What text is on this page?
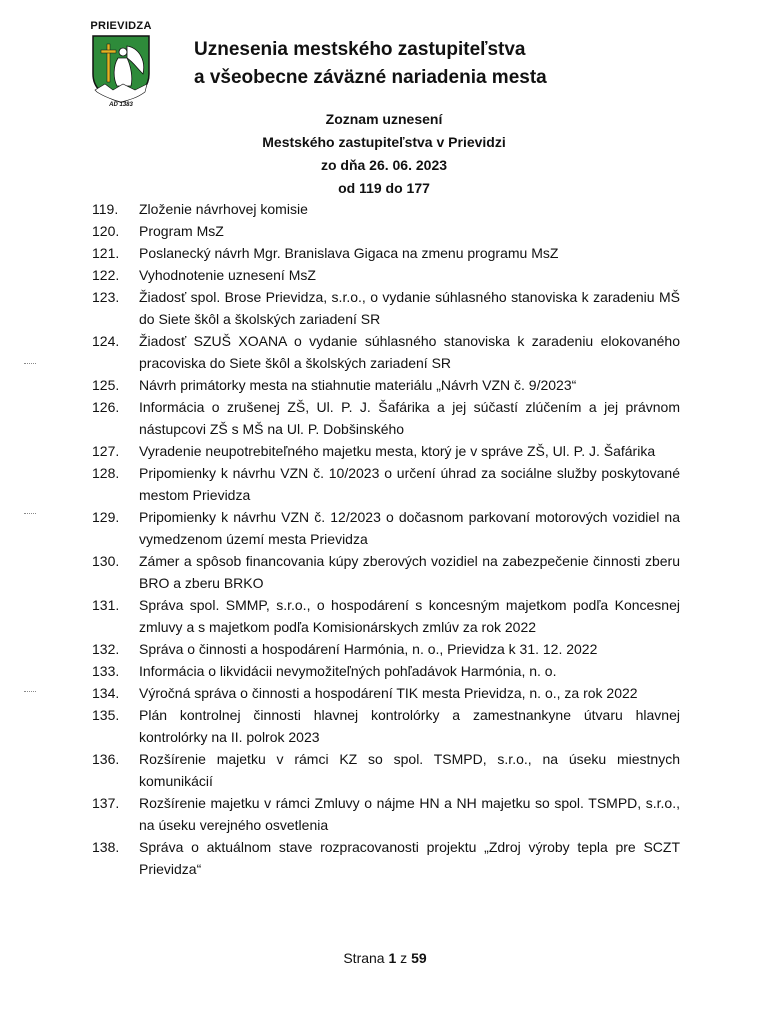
PRIEVIDZA
AD 1383
Uznesenia mestského zastupiteľstva
a všeobecne záväzné nariadenia mesta
Zoznam uznesení
Mestského zastupiteľstva v Prievidzi
zo dňa 26. 06. 2023
od 119 do 177
119.	Zloženie návrhovej komisie
120.	Program MsZ
121.	Poslanecký návrh Mgr. Branislava Gigaca na zmenu programu MsZ
122.	Vyhodnotenie uznesení MsZ
123.	Žiadosť spol. Brose Prievidza, s.r.o., o vydanie súhlasného stanoviska k zaradeniu MŠ do Siete škôl a školských zariadení SR
124.	Žiadosť SZUŠ XOANA o vydanie súhlasného stanoviska k zaradeniu elokovaného pracoviska do Siete škôl a školských zariadení SR
125.	Návrh primátorky mesta na stiahnutie materiálu „Návrh VZN č. 9/2023“
126.	Informácia o zrušenej ZŠ, Ul. P. J. Šafárika a jej súčastí zlúčením a jej právnom nástupcovi ZŠ s MŠ na Ul. P. Dobšinského
127.	Vyradenie neupotrebiteľného majetku mesta, ktorý je v správe ZŠ, Ul. P. J. Šafárika
128.	Pripomienky k návrhu VZN č. 10/2023 o určení úhrad za sociálne služby poskytované mestom Prievidza
129.	Pripomienky k návrhu VZN č. 12/2023 o dočasnom parkovaní motorových vozidiel na vymedzenom území mesta Prievidza
130.	Zámer a spôsob financovania kúpy zberových vozidiel na zabezpečenie činnosti zberu BRO a zberu BRKO
131.	Správa spol. SMMP, s.r.o., o hospodárení s koncesným majetkom podľa Koncesnej zmluvy a s majetkom podľa Komisionárskych zmlúv za rok 2022
132.	Správa o činnosti a hospodárení Harmónia, n. o., Prievidza k 31. 12. 2022
133.	Informácia o likvidácii nevymožiteľných pohľadávok Harmónia, n. o.
134.	Výročná správa o činnosti a hospodárení TIK mesta Prievidza, n. o., za rok 2022
135.	Plán kontrolnej činnosti hlavnej kontrolórky a zamestnankyne útvaru hlavnej kontrolórky na II. polrok 2023
136.	Rozšírenie majetku v rámci KZ so spol. TSMPD, s.r.o., na úseku miestnych komunikácií
137.	Rozšírenie majetku v rámci Zmluvy o nájme HN a NH majetku so spol. TSMPD, s.r.o., na úseku verejného osvetlenia
138.	Správa o aktuálnom stave rozpracovanosti projektu „Zdroj výroby tepla pre SCZT Prievidza“
Strana 1 z 59
